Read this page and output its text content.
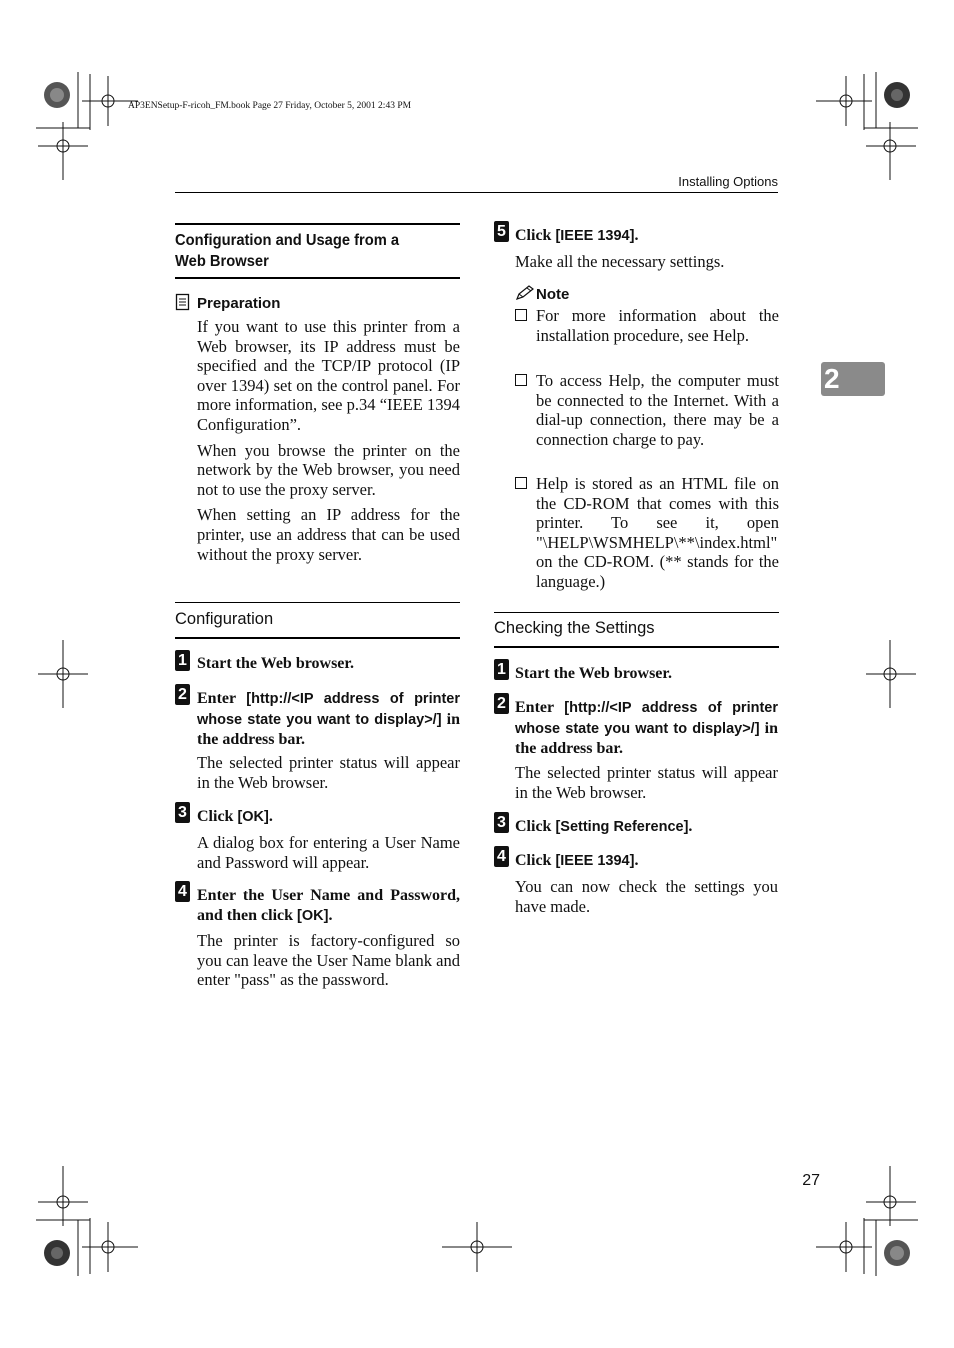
AP3ENSetup-F-ricoh_FM.book Page 27 Friday, October 5, 2001 2:43 PM
Installing Options
2
Configuration and Usage from a Web Browser
Preparation

If you want to use this printer from a Web browser, its IP address must be specified and the TCP/IP protocol (IP over 1394) set on the control panel. For more information, see p.34 “IEEE 1394 Configuration”.

When you browse the printer on the network by the Web browser, you need not to use the proxy server.

When setting an IP address for the printer, use an address that can be used without the proxy server.

Configuration
1 Start the Web browser.
2 Enter [http://<IP address of printer whose state you want to display>/] in the address bar.

The selected printer status will appear in the Web browser.

3 Click [OK].

A dialog box for entering a User Name and Password will appear.

4 Enter the User Name and Password, and then click [OK].

The printer is factory-configured so you can leave the User Name blank and enter "pass" as the password.

5 Click [IEEE 1394].

Make all the necessary settings.

Note

For more information about the installation procedure, see Help.

To access Help, the computer must be connected to the Internet. With a dial-up connection, there may be a connection charge to pay.

Help is stored as an HTML file on the CD-ROM that comes with this printer. To see it, open "\HELP\WSMHELP\**\index.html" on the CD-ROM. (** stands for the language.)

Checking the Settings
1 Start the Web browser.
2 Enter [http://<IP address of printer whose state you want to display>/] in the address bar.

The selected printer status will appear in the Web browser.

3 Click [Setting Reference].
4 Click [IEEE 1394].

You can now check the settings you have made.

27
